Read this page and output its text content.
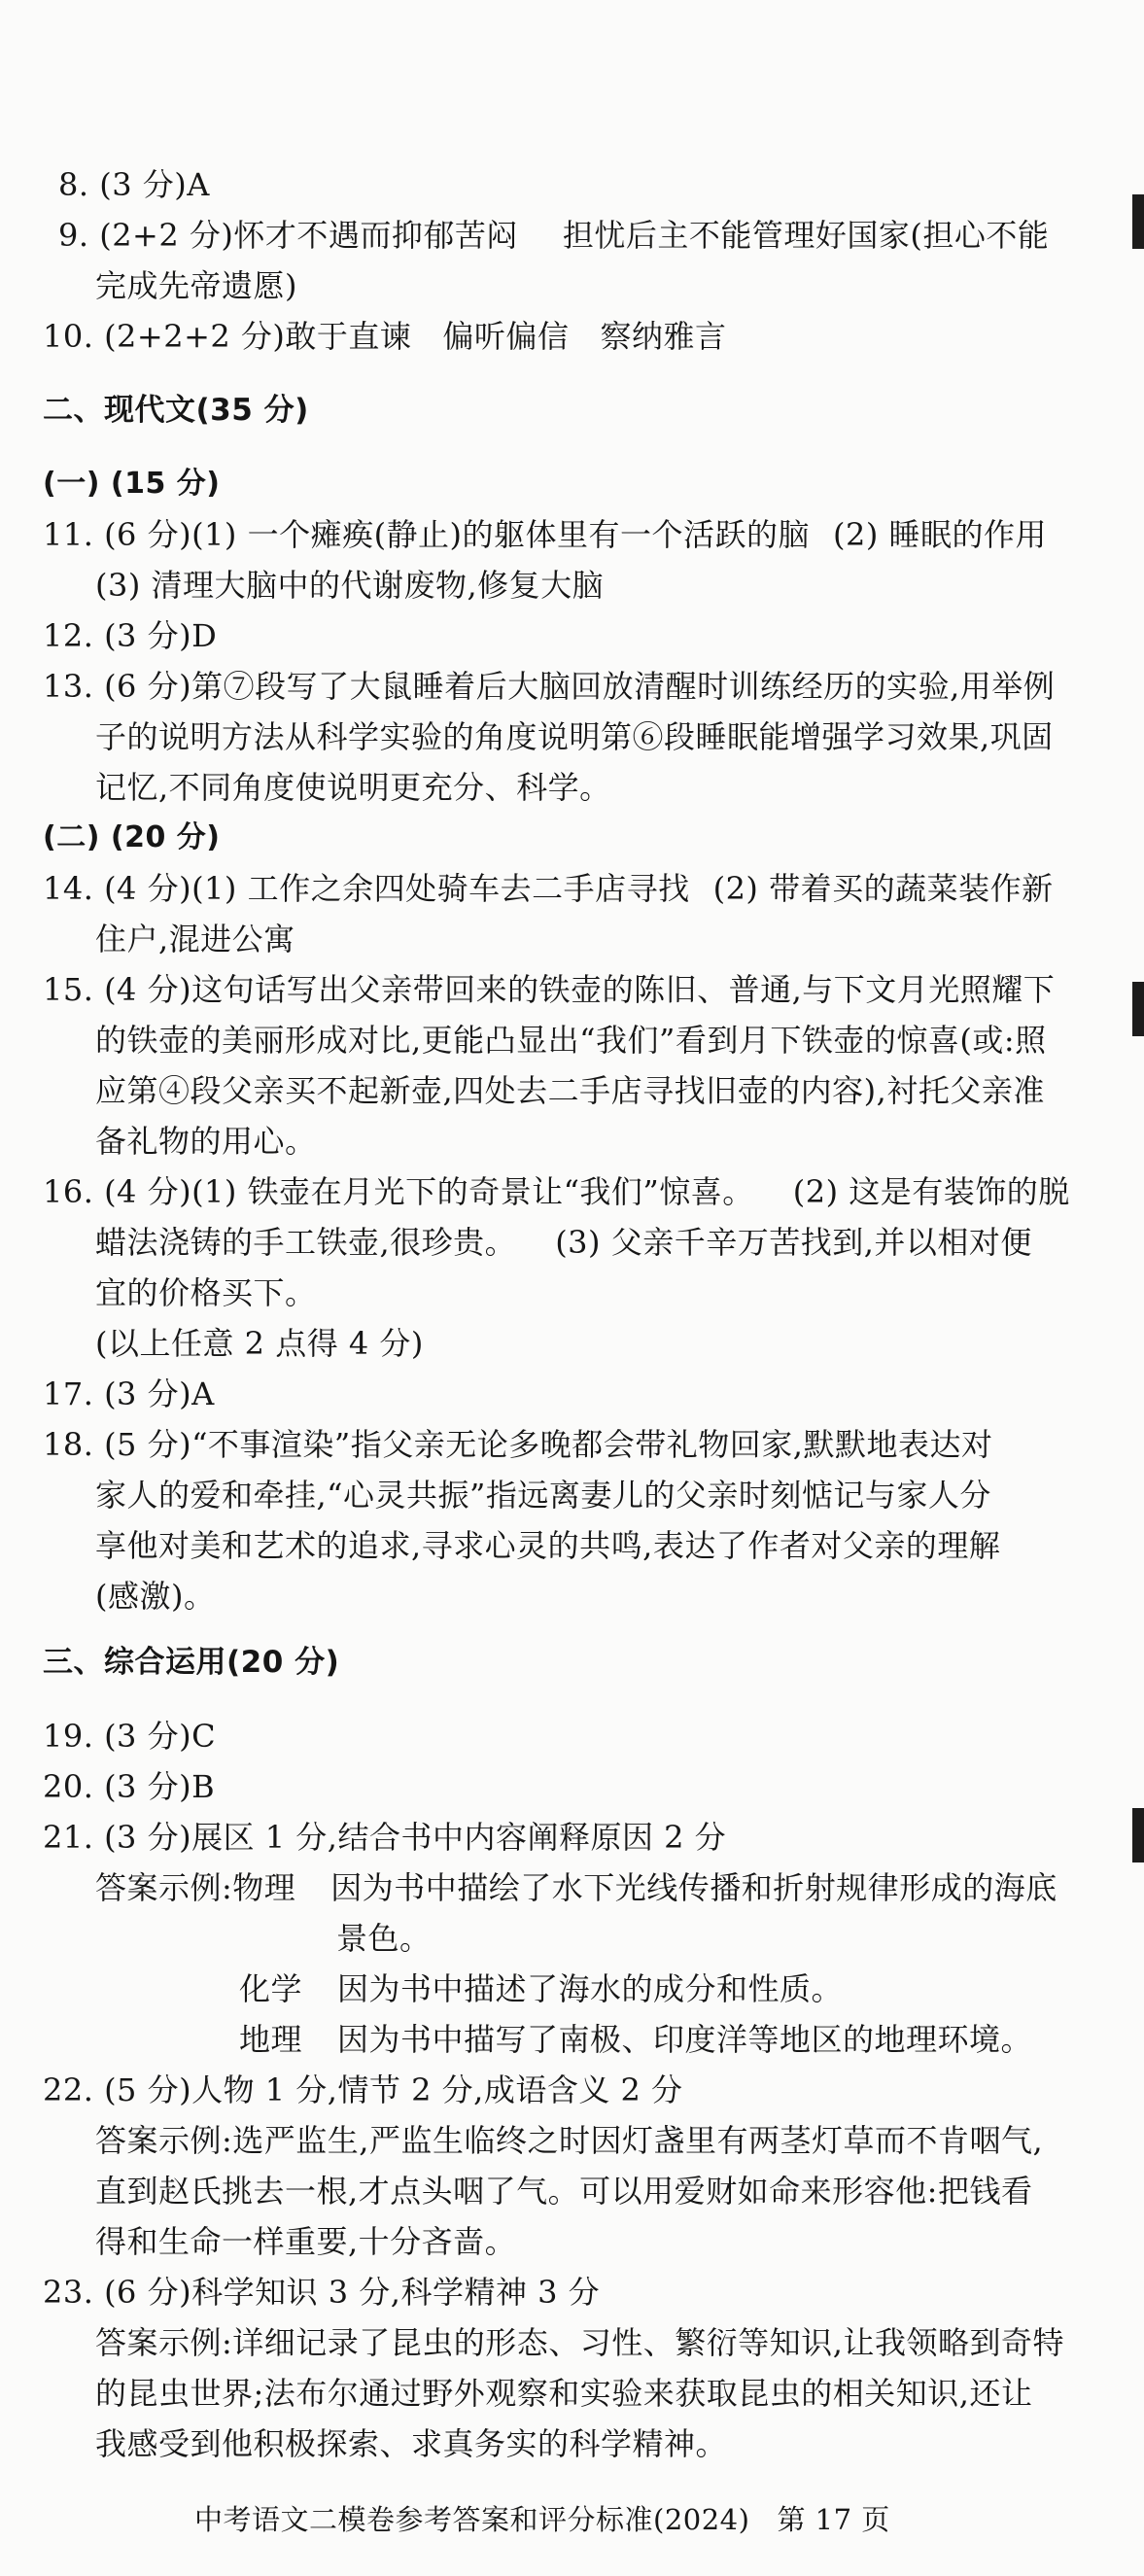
8. (3 分)A
9. (2+2 分)怀才不遇而抑郁苦闷 担忧后主不能管理好国家(担心不能
完成先帝遗愿)
10. (2+2+2 分)敢于直谏 偏听偏信 察纳雅言
二、现代文(35 分)
(一) (15 分)
11. (6 分)(1) 一个瘫痪(静止)的躯体里有一个活跃的脑 (2) 睡眠的作用
(3) 清理大脑中的代谢废物,修复大脑
12. (3 分)D
13. (6 分)第⑦段写了大鼠睡着后大脑回放清醒时训练经历的实验,用举例
子的说明方法从科学实验的角度说明第⑥段睡眠能增强学习效果,巩固
记忆,不同角度使说明更充分、科学。
(二) (20 分)
14. (4 分)(1) 工作之余四处骑车去二手店寻找 (2) 带着买的蔬菜装作新
住户,混进公寓
15. (4 分)这句话写出父亲带回来的铁壶的陈旧、普通,与下文月光照耀下
的铁壶的美丽形成对比,更能凸显出“我们”看到月下铁壶的惊喜(或:照
应第④段父亲买不起新壶,四处去二手店寻找旧壶的内容),衬托父亲准
备礼物的用心。
16. (4 分)(1) 铁壶在月光下的奇景让“我们”惊喜。 (2) 这是有装饰的脱
蜡法浇铸的手工铁壶,很珍贵。 (3) 父亲千辛万苦找到,并以相对便
宜的价格买下。
(以上任意 2 点得 4 分)
17. (3 分)A
18. (5 分)“不事渲染”指父亲无论多晚都会带礼物回家,默默地表达对
家人的爱和牵挂,“心灵共振”指远离妻儿的父亲时刻惦记与家人分
享他对美和艺术的追求,寻求心灵的共鸣,表达了作者对父亲的理解
(感激)。
三、综合运用(20 分)
19. (3 分)C
20. (3 分)B
21. (3 分)展区 1 分,结合书中内容阐释原因 2 分
答案示例:物理 因为书中描绘了水下光线传播和折射规律形成的海底
景色。
化学 因为书中描述了海水的成分和性质。
地理 因为书中描写了南极、印度洋等地区的地理环境。
22. (5 分)人物 1 分,情节 2 分,成语含义 2 分
答案示例:选严监生,严监生临终之时因灯盏里有两茎灯草而不肯咽气,
直到赵氏挑去一根,才点头咽了气。可以用爱财如命来形容他:把钱看
得和生命一样重要,十分吝啬。
23. (6 分)科学知识 3 分,科学精神 3 分
答案示例:详细记录了昆虫的形态、习性、繁衍等知识,让我领略到奇特
的昆虫世界;法布尔通过野外观察和实验来获取昆虫的相关知识,还让
我感受到他积极探索、求真务实的科学精神。
中考语文二模卷参考答案和评分标准(2024) 第 17 页
